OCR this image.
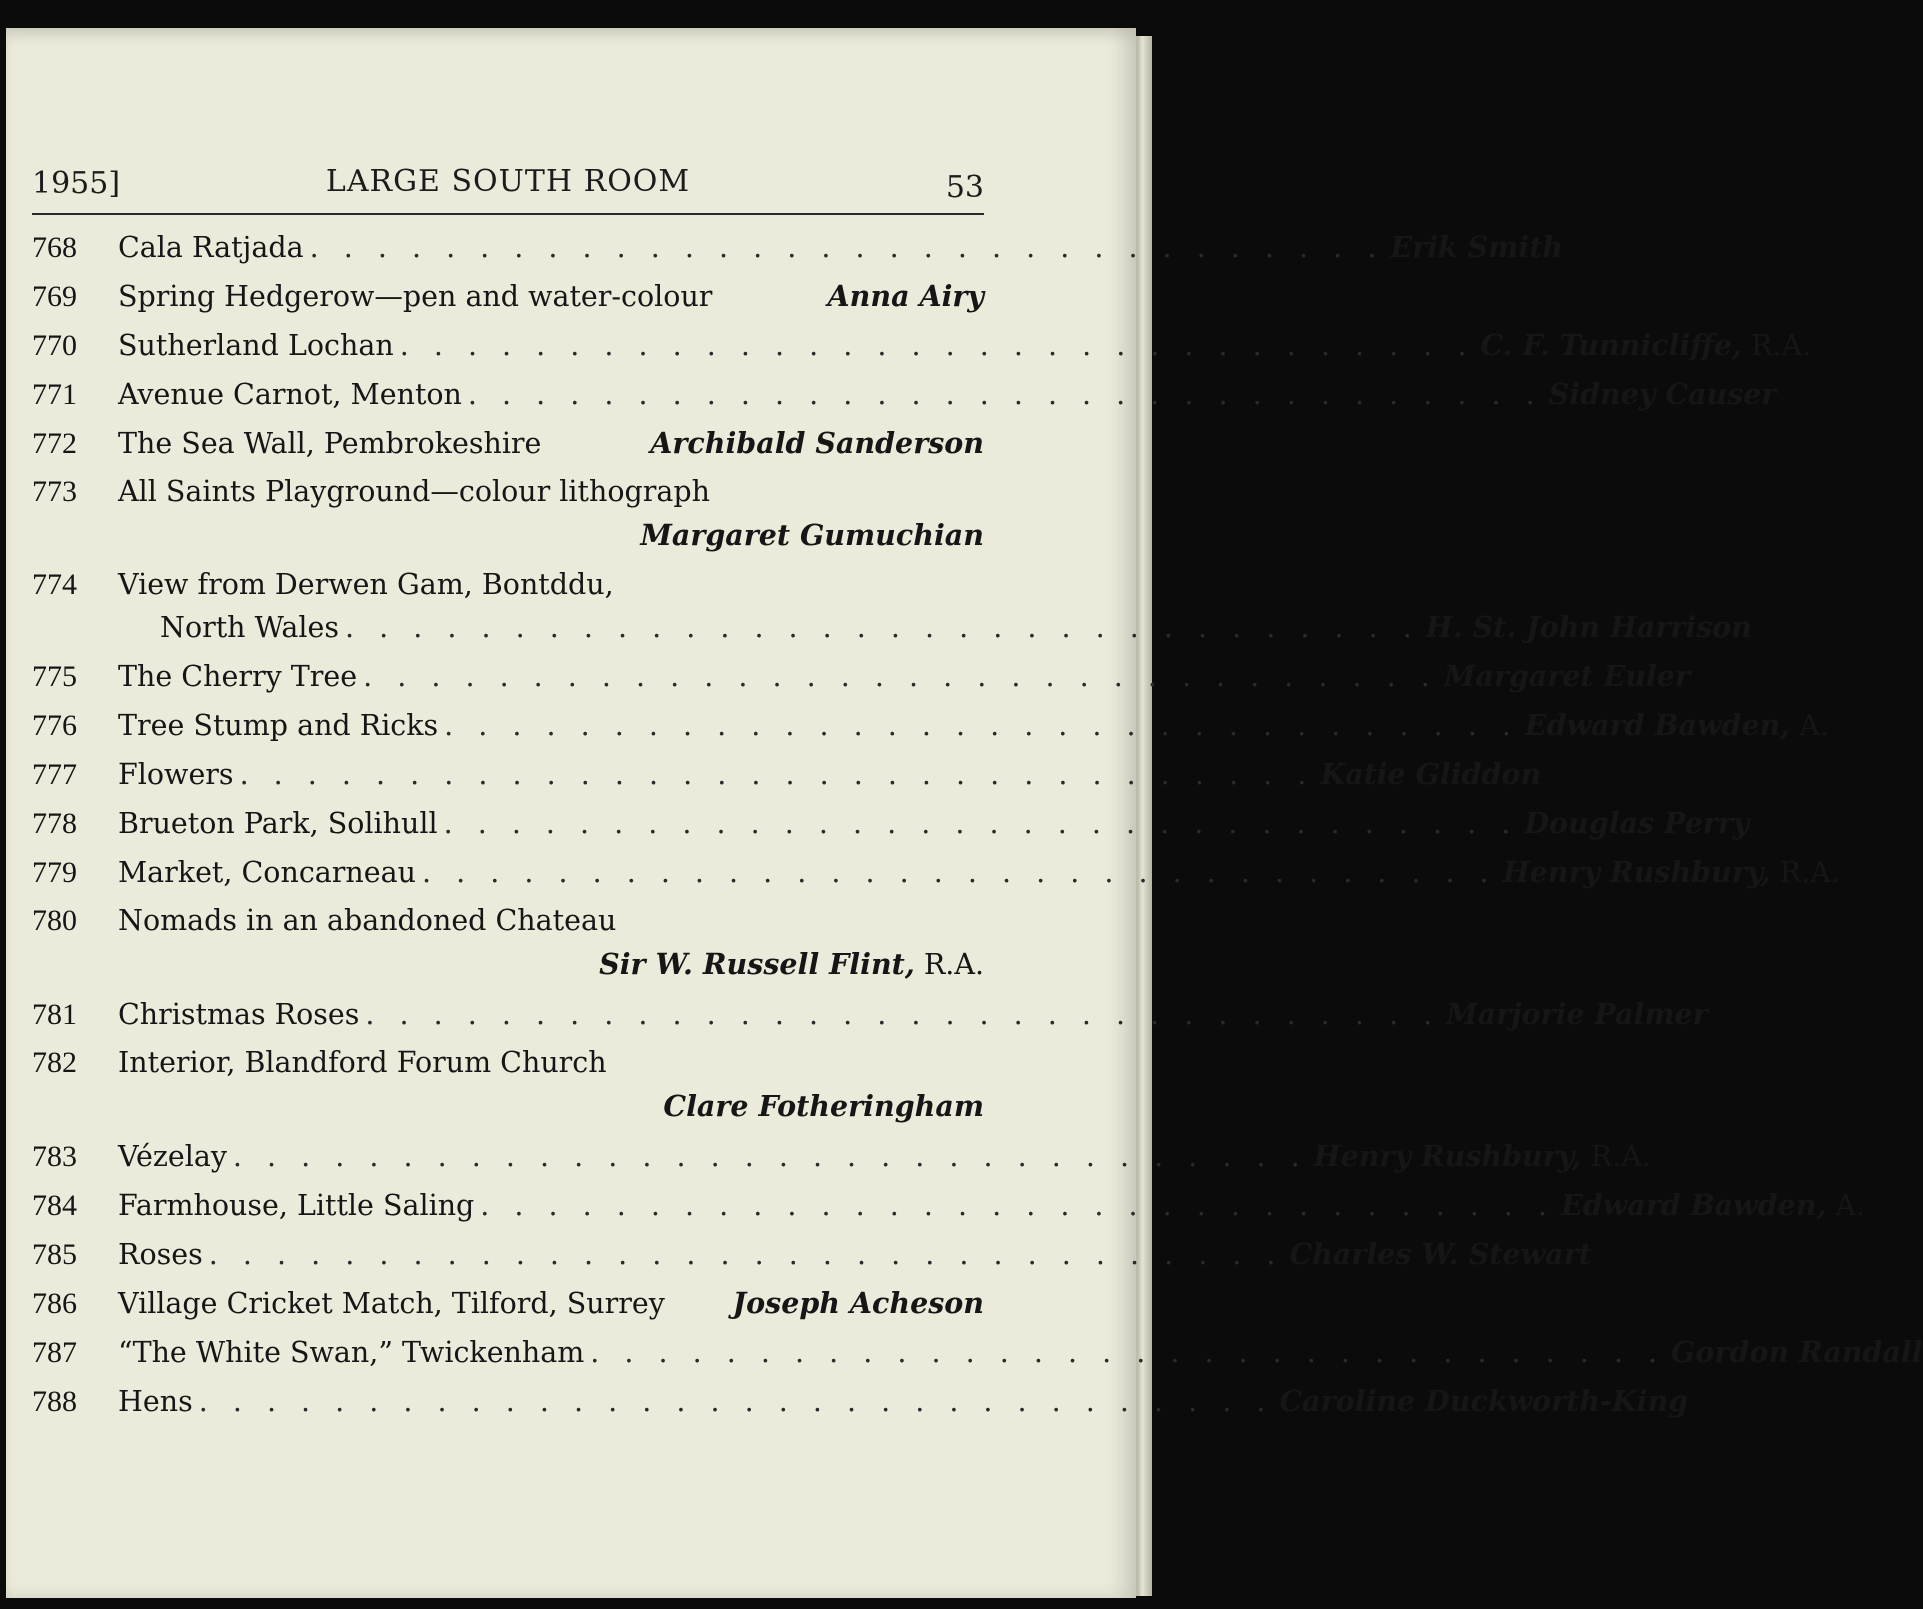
1955]	LARGE SOUTH ROOM	53
768	Cala Ratjada . . . . . . . . . . . . . . . . . . . . . . . . . . . . . . . . Erik Smith
769	Spring Hedgerow—pen and water-colour	Anna Airy
770	Sutherland Lochan . . . . . . . . . . . . . . . . . . . . . . . . . . . . . . . . C. F. Tunnicliffe, R.A.
771	Avenue Carnot, Menton . . . . . . . . . . . . . . . . . . . . . . . . . . . . . . . . Sidney Causer
772	The Sea Wall, Pembrokeshire	Archibald Sanderson
773	All Saints Playground—colour lithograph
Margaret Gumuchian
774	View from Derwen Gam, Bontddu,
North Wales . . . . . . . . . . . . . . . . . . . . . . . . . . . . . . . . H. St. John Harrison
775	The Cherry Tree . . . . . . . . . . . . . . . . . . . . . . . . . . . . . . . . Margaret Euler
776	Tree Stump and Ricks . . . . . . . . . . . . . . . . . . . . . . . . . . . . . . . . Edward Bawden, A.
777	Flowers . . . . . . . . . . . . . . . . . . . . . . . . . . . . . . . . Katie Gliddon
778	Brueton Park, Solihull . . . . . . . . . . . . . . . . . . . . . . . . . . . . . . . . Douglas Perry
779	Market, Concarneau . . . . . . . . . . . . . . . . . . . . . . . . . . . . . . . . Henry Rushbury, R.A.
780	Nomads in an abandoned Chateau
Sir W. Russell Flint, R.A.
781	Christmas Roses . . . . . . . . . . . . . . . . . . . . . . . . . . . . . . . . Marjorie Palmer
782	Interior, Blandford Forum Church
Clare Fotheringham
783	Vézelay . . . . . . . . . . . . . . . . . . . . . . . . . . . . . . . . Henry Rushbury, R.A.
784	Farmhouse, Little Saling . . . . . . . . . . . . . . . . . . . . . . . . . . . . . . . . Edward Bawden, A.
785	Roses . . . . . . . . . . . . . . . . . . . . . . . . . . . . . . . . Charles W. Stewart
786	Village Cricket Match, Tilford, Surrey Joseph Acheson
787	“The White Swan,” Twickenham . . . . . . . . . . . . . . . . . . . . . . . . . . . . . . . . Gordon Randall
788	Hens . . . . . . . . . . . . . . . . . . . . . . . . . . . . . . . . Caroline Duckworth-King
